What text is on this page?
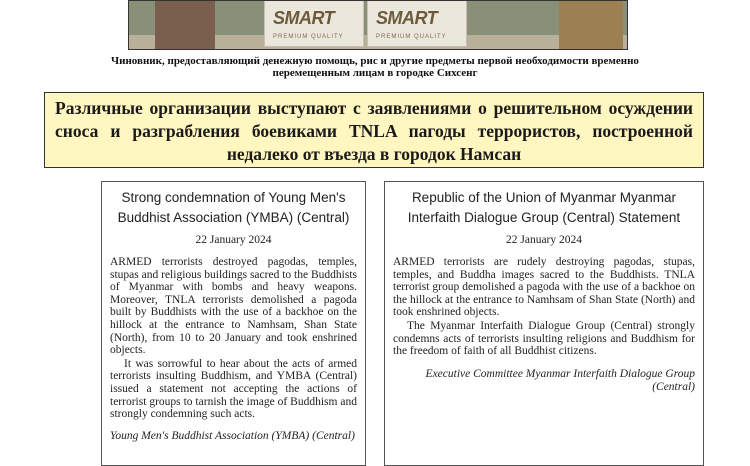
SMART
PREMIUM QUALITY
SMART
PREMIUM QUALITY
Чиновник, предоставляющий денежную помощь, рис и другие предметы первой необходимости временно перемещенным лицам в городке Сихсенг
Различные организации выступают с заявлениями о решительном осуждении сноса и разграбления боевиками TNLA пагоды террористов, построенной недалеко от въезда в городок Намсан
Strong condemnation of Young Men's Buddhist Association (YMBA) (Central)
22 January 2024

ARMED terrorists destroyed pagodas, temples, stupas and religious buildings sacred to the Buddhists of Myanmar with bombs and heavy weapons. Moreover, TNLA terrorists demolished a pagoda built by Buddhists with the use of a backhoe on the hillock at the entrance to Namhsam, Shan State (North), from 10 to 20 January and took enshrined objects.

It was sorrowful to hear about the acts of armed terrorists insulting Buddhism, and YMBA (Central) issued a statement not accepting the actions of terrorist groups to tarnish the image of Buddhism and strongly condemning such acts.

Young Men's Buddhist Association (YMBA) (Central)
Republic of the Union of Myanmar Myanmar Interfaith Dialogue Group (Central) Statement
22 January 2024

ARMED terrorists are rudely destroying pagodas, stupas, temples, and Buddha images sacred to the Buddhists. TNLA terrorist group demolished a pagoda with the use of a backhoe on the hillock at the entrance to Namhsam of Shan State (North) and took enshrined objects.

The Myanmar Interfaith Dialogue Group (Central) strongly condemns acts of terrorists insulting religions and Buddhism for the freedom of faith of all Buddhist citizens.

Executive Committee Myanmar Interfaith Dialogue Group (Central)
